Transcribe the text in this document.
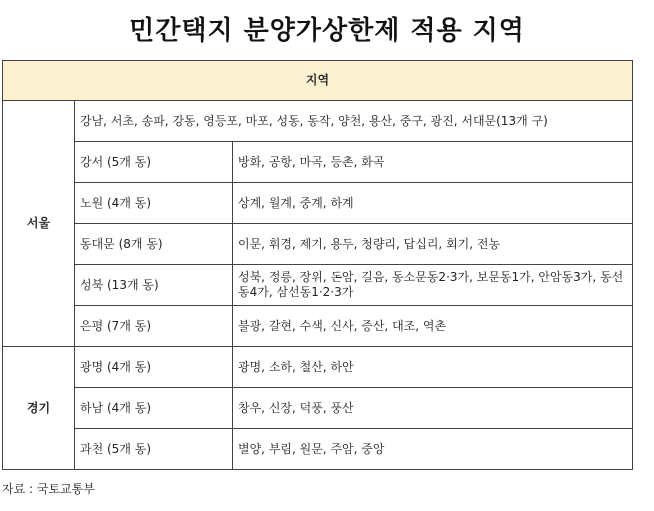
민간택지 분양가상한제 적용 지역
지역		
서울	강남, 서초, 송파, 강동, 영등포, 마포, 성동, 동작, 양천, 용산, 중구, 광진, 서대문(13개 구)	
	강서 (5개 동)	방화, 공항, 마곡, 등촌, 화곡
	노원 (4개 동)	상계, 월계, 중계, 하계
	동대문 (8개 동)	이문, 휘경, 제기, 용두, 청량리, 답십리, 회기, 전농
	성북 (13개 동)	성북, 정릉, 장위, 돈암, 길음, 동소문동2·3가, 보문동1가, 안암동3가, 동선동4가, 삼선동1·2·3가
	은평 (7개 동)	불광, 갈현, 수색, 신사, 증산, 대조, 역촌
경기	광명 (4개 동)	광명, 소하, 철산, 하안
	하남 (4개 동)	창우, 신장, 덕풍, 풍산
	과천 (5개 동)	별양, 부림, 원문, 주암, 중앙
자료 : 국토교통부
